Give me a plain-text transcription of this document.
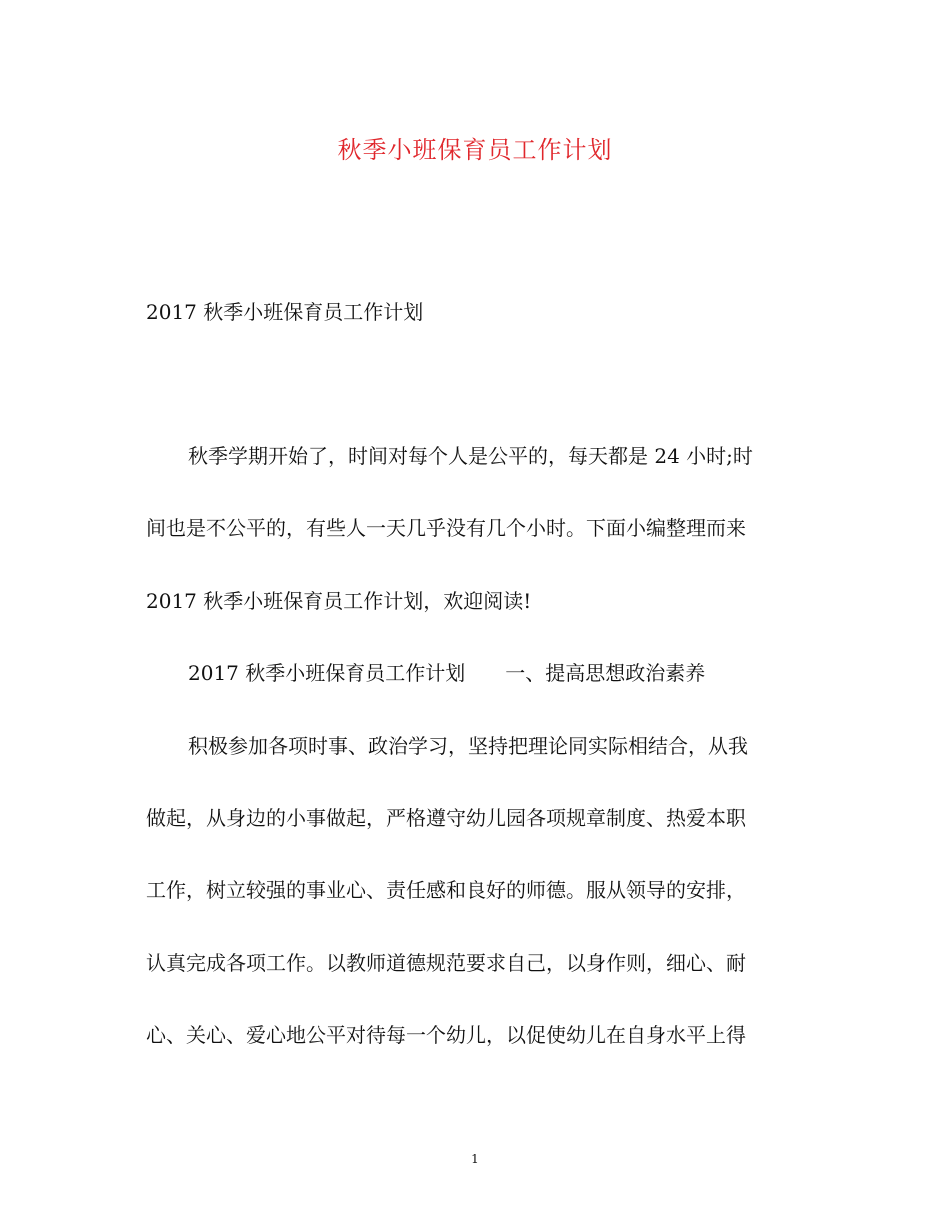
秋季小班保育员工作计划
2017 秋季小班保育员工作计划
秋季学期开始了，时间对每个人是公平的，每天都是 24 小时;时
间也是不公平的，有些人一天几乎没有几个小时。下面小编整理而来
2017 秋季小班保育员工作计划，欢迎阅读!
2017 秋季小班保育员工作计划　　一、提高思想政治素养
积极参加各项时事、政治学习，坚持把理论同实际相结合，从我
做起，从身边的小事做起，严格遵守幼儿园各项规章制度、热爱本职
工作，树立较强的事业心、责任感和良好的师德。服从领导的安排，
认真完成各项工作。以教师道德规范要求自己，以身作则，细心、耐
心、关心、爱心地公平对待每一个幼儿，以促使幼儿在自身水平上得
1
